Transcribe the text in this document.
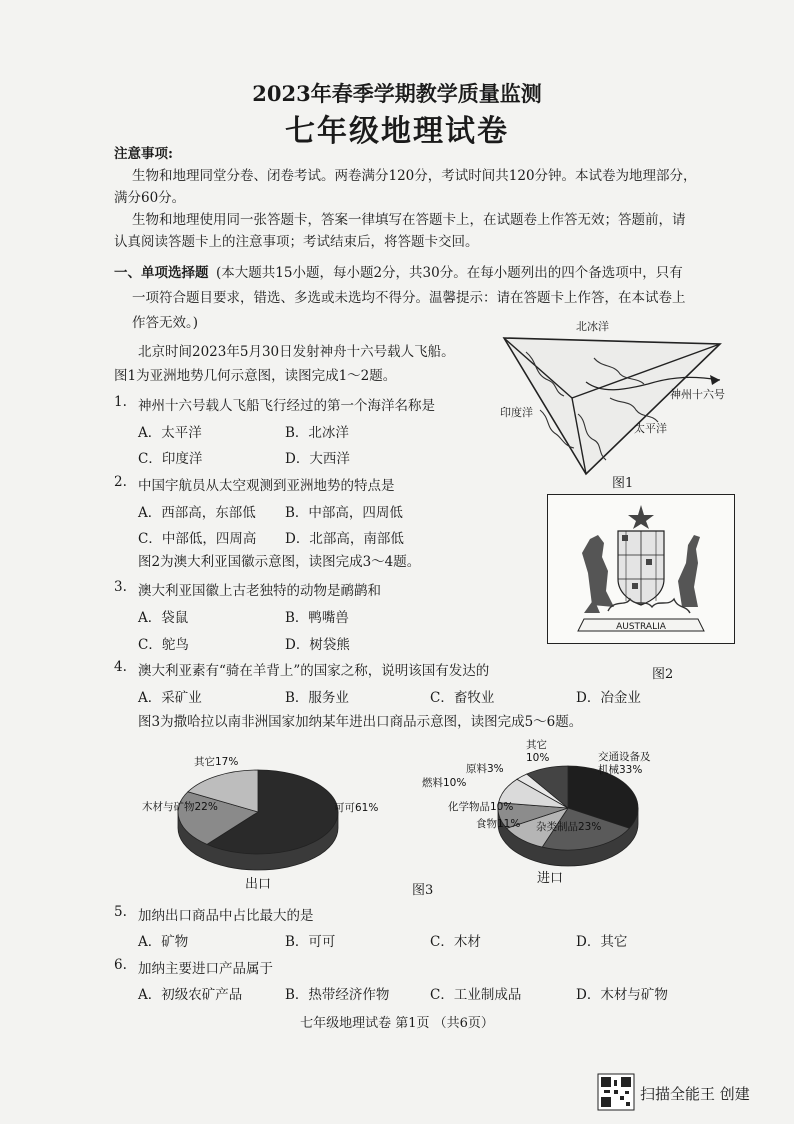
2023年春季学期教学质量监测
七年级地理试卷
注意事项:
生物和地理同堂分卷、闭卷考试。两卷满分120分，考试时间共120分钟。本试卷为地理部分，
满分60分。
生物和地理使用同一张答题卡，答案一律填写在答题卡上，在试题卷上作答无效；答题前，请
认真阅读答题卡上的注意事项；考试结束后，将答题卡交回。
一、单项选择题 (本大题共15小题，每小题2分，共30分。在每小题列出的四个备选项中，只有
一项符合题目要求，错选、多选或未选均不得分。温馨提示：请在答题卡上作答，在本试卷上
作答无效。)
北京时间2023年5月30日发射神舟十六号载人飞船。
图1为亚洲地势几何示意图，读图完成1～2题。
1. 神州十六号载人飞船飞行经过的第一个海洋名称是
A．太平洋	B．北冰洋
C．印度洋	D．大西洋
2. 中国宇航员从太空观测到亚洲地势的特点是
A．西部高，东部低 B．中部高，四周低
C．中部低，四周高 D．北部高，南部低
图2为澳大利亚国徽示意图，读图完成3～4题。
3. 澳大利亚国徽上古老独特的动物是鸸鹋和
A．袋鼠	B．鸭嘴兽
C．鸵鸟	D．树袋熊
4. 澳大利亚素有“骑在羊背上”的国家之称，说明该国有发达的
A．采矿业	B．服务业	C．畜牧业	D．冶金业
图3为撒哈拉以南非洲国家加纳某年进出口商品示意图，读图完成5～6题。
5. 加纳出口商品中占比最大的是
A．矿物	B．可可	C．木材	D．其它
6. 加纳主要进口产品属于
A．初级农矿产品	B．热带经济作物	C．工业制成品	D．木材与矿物
北冰洋
印度洋
太平洋
神州十六号
图1
AUSTRALIA
图2
可可61%
木材与矿物22%
其它17%
出口
交通设备及机械33%
杂类制品23%
食物11%
化学物品10%
燃料10%
原料3%
其它 10%
进口
图3
七年级地理试卷 第1页 （共6页）
扫描全能王 创建
